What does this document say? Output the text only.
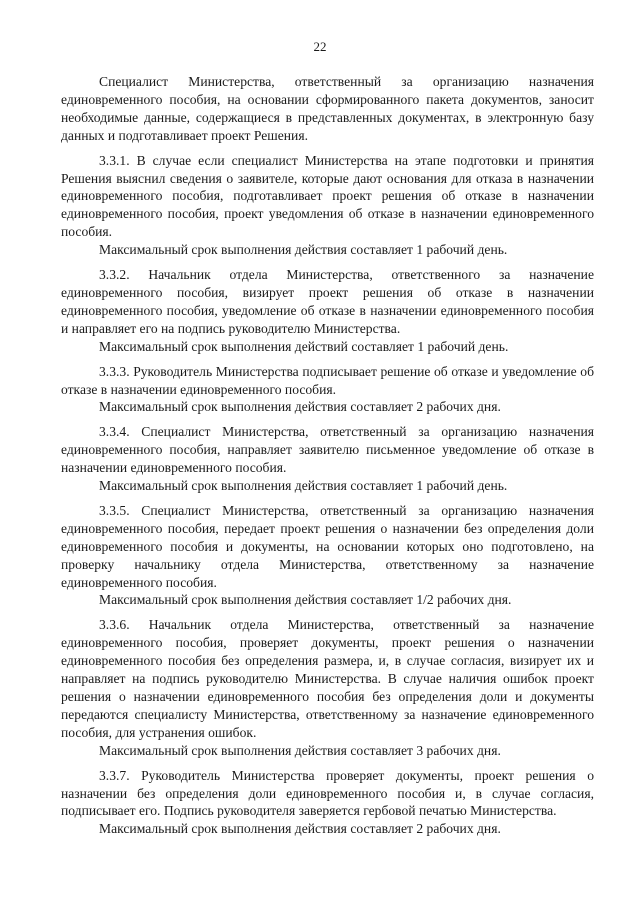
22

Специалист Министерства, ответственный за организацию назначения единовременного пособия, на основании сформированного пакета документов, заносит необходимые данные, содержащиеся в представленных документах, в электронную базу данных и подготавливает проект Решения.

3.3.1. В случае если специалист Министерства на этапе подготовки и принятия Решения выяснил сведения о заявителе, которые дают основания для отказа в назначении единовременного пособия, подготавливает проект решения об отказе в назначении единовременного пособия, проект уведомления об отказе в назначении единовременного пособия.

Максимальный срок выполнения действия составляет 1 рабочий день.

3.3.2. Начальник отдела Министерства, ответственного за назначение единовременного пособия, визирует проект решения об отказе в назначении единовременного пособия, уведомление об отказе в назначении единовременного пособия и направляет его на подпись руководителю Министерства.

Максимальный срок выполнения действий составляет 1 рабочий день.

3.3.3. Руководитель Министерства подписывает решение об отказе и уведомление об отказе в назначении единовременного пособия.

Максимальный срок выполнения действия составляет 2 рабочих дня.

3.3.4. Специалист Министерства, ответственный за организацию назначения единовременного пособия, направляет заявителю письменное уведомление об отказе в назначении единовременного пособия.

Максимальный срок выполнения действия составляет 1 рабочий день.

3.3.5. Специалист Министерства, ответственный за организацию назначения единовременного пособия, передает проект решения о назначении без определения доли единовременного пособия и документы, на основании которых оно подготовлено, на проверку начальнику отдела Министерства, ответственному за назначение единовременного пособия.

Максимальный срок выполнения действия составляет 1/2 рабочих дня.

3.3.6. Начальник отдела Министерства, ответственный за назначение единовременного пособия, проверяет документы, проект решения о назначении единовременного пособия без определения размера, и, в случае согласия, визирует их и направляет на подпись руководителю Министерства. В случае наличия ошибок проект решения о назначении единовременного пособия без определения доли и документы передаются специалисту Министерства, ответственному за назначение единовременного пособия, для устранения ошибок.

Максимальный срок выполнения действия составляет 3 рабочих дня.

3.3.7. Руководитель Министерства проверяет документы, проект решения о назначении без определения доли единовременного пособия и, в случае согласия, подписывает его. Подпись руководителя заверяется гербовой печатью Министерства.

Максимальный срок выполнения действия составляет 2 рабочих дня.
